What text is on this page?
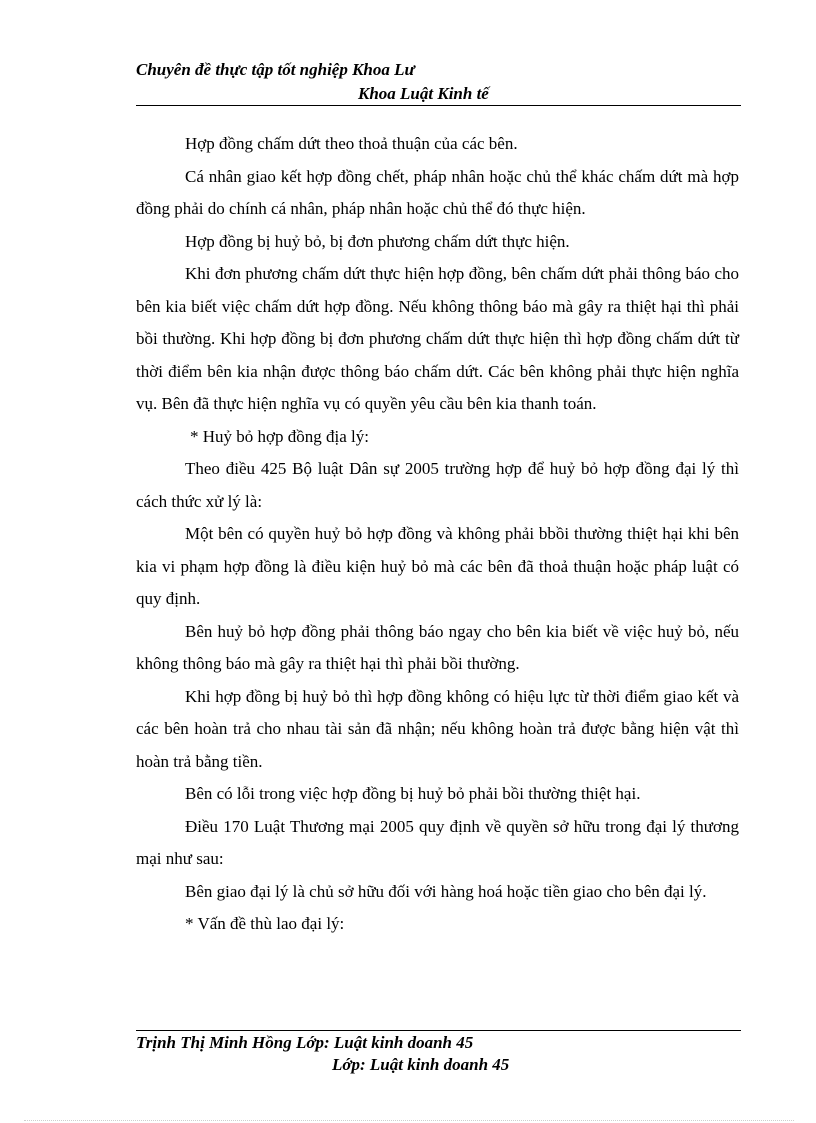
Chuyên đề thực tập tốt nghiệp Khoa Lư
Khoa Luật Kinh tế

Hợp đồng chấm dứt theo thoả thuận của các bên.

Cá nhân giao kết hợp đồng chết, pháp nhân hoặc chủ thể khác chấm dứt mà hợp đồng phải do chính cá nhân, pháp nhân hoặc chủ thể đó thực hiện.

Hợp đồng bị huỷ bỏ, bị đơn phương chấm dứt thực hiện.

Khi đơn phương chấm dứt thực hiện hợp đồng, bên chấm dứt phải thông báo cho bên kia biết việc chấm dứt hợp đồng. Nếu không thông báo mà gây ra thiệt hại thì phải bồi thường. Khi hợp đồng bị đơn phương chấm dứt thực hiện thì hợp đồng chấm dứt từ thời điểm bên kia nhận được thông báo chấm dứt. Các bên không phải thực hiện nghĩa vụ. Bên đã thực hiện nghĩa vụ có quyền yêu cầu bên kia thanh toán.

* Huỷ bỏ hợp đồng địa lý:

Theo điều 425 Bộ luật Dân sự 2005 trường hợp để huỷ bỏ hợp đồng đại lý thì cách thức xử lý là:

Một bên có quyền huỷ bỏ hợp đồng và không phải bbồi thường thiệt hại khi bên kia vi phạm hợp đồng là điều kiện huỷ bỏ mà các bên đã thoả thuận hoặc pháp luật có quy định.

Bên huỷ bỏ hợp đồng phải thông báo ngay cho bên kia biết về việc huỷ bỏ, nếu không thông báo mà gây ra thiệt hại thì phải bồi thường.

Khi hợp đồng bị huỷ bỏ thì hợp đồng không có hiệu lực từ thời điểm giao kết và các bên hoàn trả cho nhau tài sản đã nhận; nếu không hoàn trả được bằng hiện vật thì hoàn trả bằng tiền.

Bên có lỗi trong việc hợp đồng bị huỷ bỏ phải bồi thường thiệt hại.

Điều 170 Luật Thương mại 2005 quy định về quyền sở hữu trong đại lý thương mại như sau:

Bên giao đại lý là chủ sở hữu đối với hàng hoá hoặc tiền giao cho bên đại lý.

* Vấn đề thù lao đại lý:

Trịnh Thị Minh Hồng Lớp: Luật kinh doanh 45
Lớp: Luật kinh doanh 45
